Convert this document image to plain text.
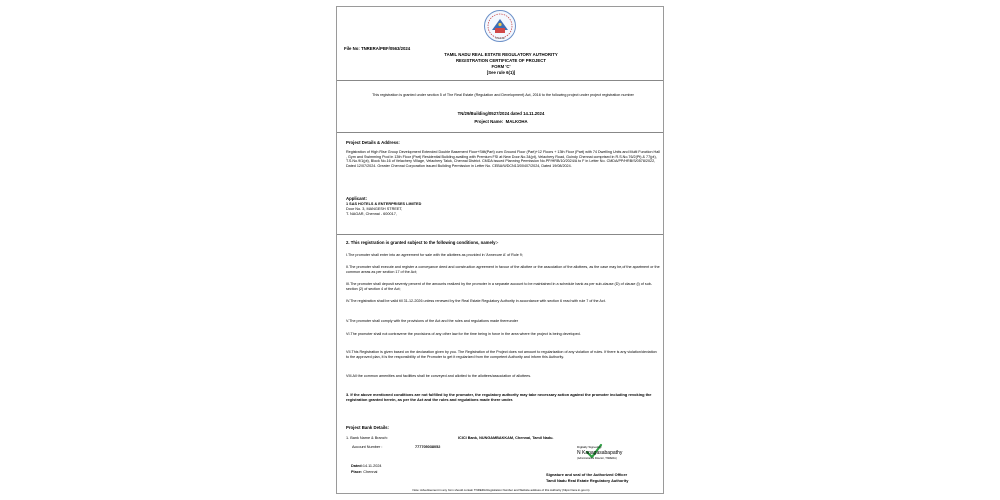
Chennai
File No: TNRERA/PBF/0563/2024
TAMIL NADU REAL ESTATE REGULATORY AUTHORITY
REGISTRATION CERTIFICATE OF PROJECT
FORM 'C'
[See rule 6(1)]
This registration is granted under section 5 of The Real Estate (Regulation and Development) Act, 2016 to the following project under project registration number
TN/29/Building/0527/2024 dated 14.11.2024
Project Name: MALKOHA
Project Details & Address:
Registration of High Rise Group Development Extended Double Basement Floor+Stilt(Part) cum Ground Floor (Part)+12 Floors + 13th Floor (Part) with 74 Dwelling Units and Multi Function Hall , Gym and Swimming Pool in 13th Floor (Part) Residential Building availing with Premium FSI at New Door.No.34(pt), Velachery Road, Guindy Chennai comprised in R.S.No.76/2(Pt) & 77(pt), T.S.No.9/1(pt), Block No.16 of Velachery Village, Velachery Taluk, Chennai District. CMDA issued Planning Permission No.PP/HRB/10/2024/A to F in Letter No. CMDA/PP/HRB/S/0578/2022, Dated 12/07/2024. Greater Chennai Corporation issued Building Permission in Letter No. CEBA/WDCN13/00407/2024, Dated 19/08/2024.
Applicant:
1 SAS HOTELS & ENTERPRISES LIMITED
Door No. 3, MANGESH STREET,
T. NAGAR, Chennai - 600017,
2. This registration is granted subject to the following conditions, namely:-
I.The promoter shall enter into an agreement for sale with the allottees as provided in 'Annexure A' of Rule 9;
II.The promoter shall execute and register a conveyance deed and construction agreement in favour of the allottee or the association of the allottees, as the case may be,of the apartment or the common areas as per section 17 of the Act;
III.The promoter shall deposit seventy percent of the amounts realized by the promoter in a separate account to be maintained in a schedule bank as per sub-clause (D) of clause (l) of sub-section (2) of section 4 of the Act;
IV.The registration shall be valid till 31-12-2026 unless renewed by the Real Estate Regulatory Authority in accordance with section 6 read with rule 7 of the Act.
V.The promoter shall comply with the provisions of the Act and the rules and regulations made thereunder
VI.The promoter shall not contravene the provisions of any other law for the time being in force in the area where the project is being developed.
VII.This Registration is given based on the declaration given by you. The Registration of the Project does not amount to regularization of any violation of rules. If there is any violation/deviation to the approved plan, it is the responsibility of the Promoter to get it regularized from the competent Authority and inform this Authority.
VIII.All the common amenities and facilities shall be conveyed and allotted to the allottees/association of allottees.
3. If the above mentioned conditions are not fulfilled by the promoter, the regulatory authority may take necessary action against the promoter including revoking the registration granted herein, as per the Act and the rules and regulations made there under.
Project Bank Details:
1. Bank Name & Branch:	ICICI Bank, NUNGAMBAKKAM, Chennai, Tamil Nadu.
Account Number :	777705038052
Dated:14.11.2024
Place: Chennai
Digitally Signed by
N Kanagasabapathy
(Administrative Director, TNRERA)
Signature and seal of the Authorized Officer
Tamil Nadu Real Estate Regulatory Authority
Note: Advertisement in any form should contain TNRERA Registration Number and Website address of this Authority (https://rera.tn.gov.in)
